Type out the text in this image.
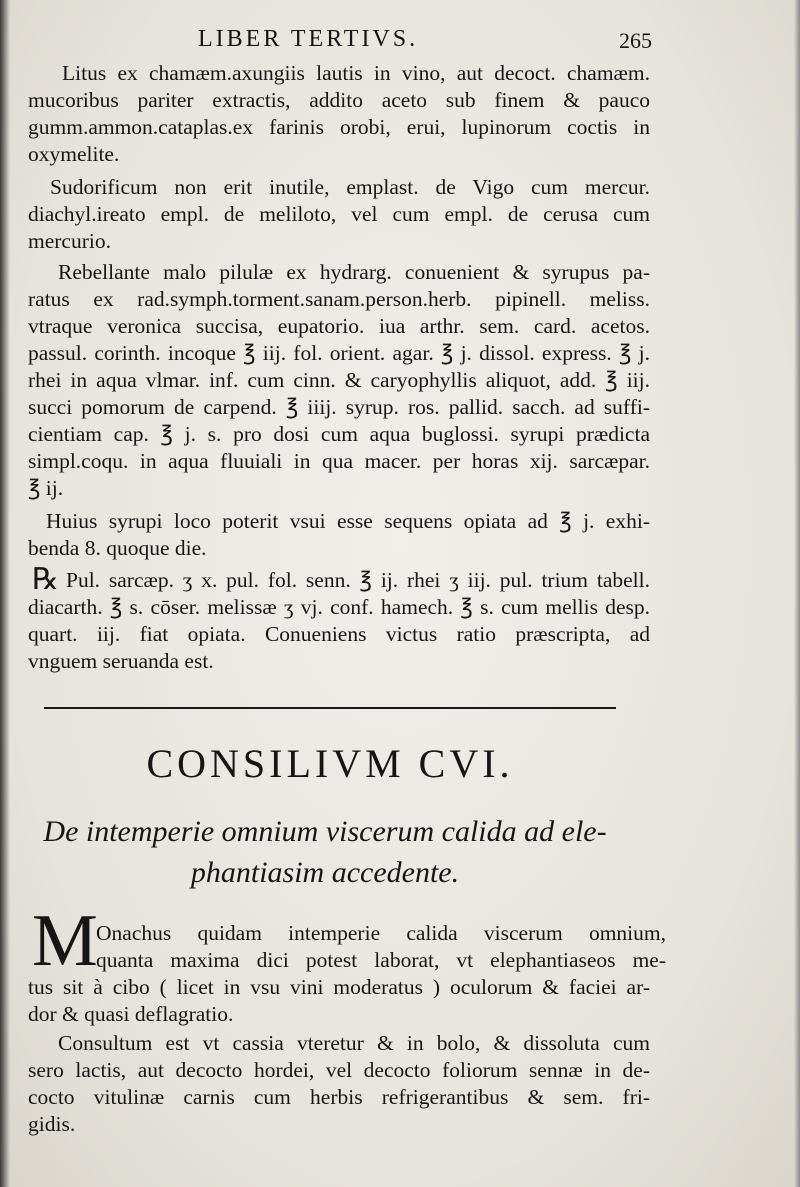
LIBER TERTIVS.	265
Litus ex chamæm.axungiis lautis in vino, aut decoct. chamæm.
mucoribus pariter extractis, addito aceto sub finem & pauco
gumm.ammon.cataplas.ex farinis orobi, erui, lupinorum coctis in
oxymelite.
Sudorificum non erit inutile, emplast. de Vigo cum mercur.
diachyl.ireato empl. de meliloto, vel cum empl. de cerusa cum
mercurio.
Rebellante malo pilulæ ex hydrarg. conuenient & syrupus pa-
ratus ex rad.symph.torment.sanam.person.herb. pipinell. meliss.
vtraque veronica succisa, eupatorio. iua arthr. sem. card. acetos.
passul. corinth. incoque ℥ iij. fol. orient. agar. ℥ j. dissol. express. ℥ j.
rhei in aqua vlmar. inf. cum cinn. & caryophyllis aliquot, add. ℥ iij.
succi pomorum de carpend. ℥ iiij. syrup. ros. pallid. sacch. ad suffi-
cientiam cap. ℥ j. s. pro dosi cum aqua buglossi. syrupi prædicta
simpl.coqu. in aqua fluuiali in qua macer. per horas xij. sarcæpar.
℥ ij.
Huius syrupi loco poterit vsui esse sequens opiata ad ℥ j. exhi-
benda 8. quoque die.
Pul. sarcæp. ʒ x. pul. fol. senn. ℥ ij. rhei ʒ iij. pul. trium tabell.
diacarth. ℥ s. cōser. melissæ ʒ vj. conf. hamech. ℥ s. cum mellis desp.
quart. iij. fiat opiata. Conueniens victus ratio præscripta, ad
vnguem seruanda est.
℞
CONSILIVM CVI.
De intemperie omnium viscerum calida ad ele-
phantiasim accedente.
M
Onachus quidam intemperie calida viscerum omnium,
quanta maxima dici potest laborat, vt elephantiaseos me-
tus sit à cibo ( licet in vsu vini moderatus ) oculorum & faciei ar-
dor & quasi deflagratio.
Consultum est vt cassia vteretur & in bolo, & dissoluta cum
sero lactis, aut decocto hordei, vel decocto foliorum sennæ in de-
cocto vitulinæ carnis cum herbis refrigerantibus & sem. fri-
gidis.
